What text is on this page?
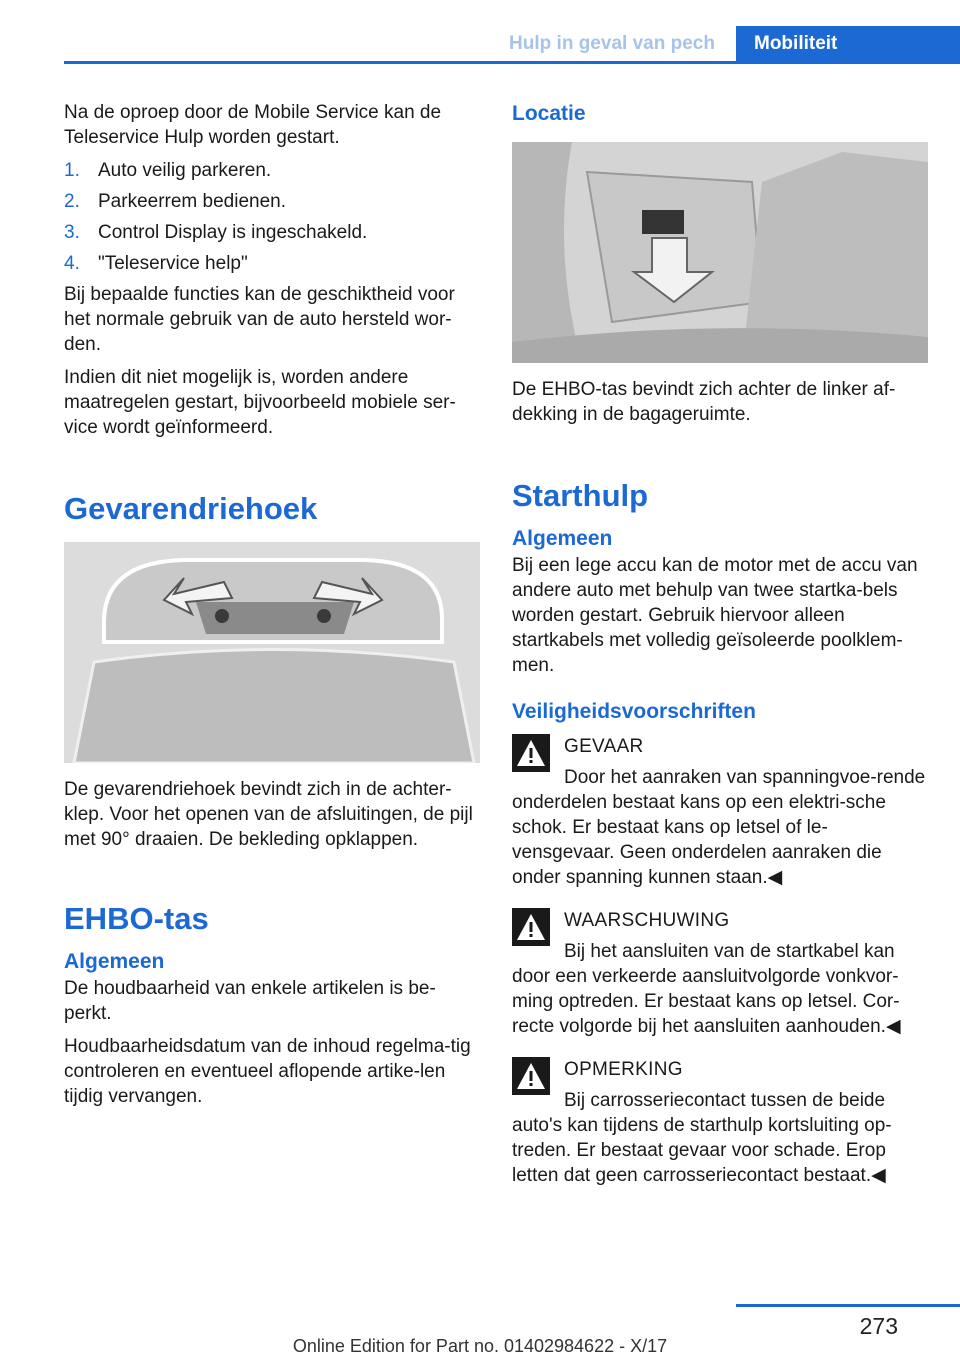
Hulp in geval van pech	Mobiliteit

Na de oproep door de Mobile Service kan de Teleservice Hulp worden gestart.

1. Auto veilig parkeren.
2. Parkeerrem bedienen.
3. Control Display is ingeschakeld.
4. "Teleservice help"

Bij bepaalde functies kan de geschiktheid voor het normale gebruik van de auto hersteld wor‐den.

Indien dit niet mogelijk is, worden andere maatregelen gestart, bijvoorbeeld mobiele ser‐vice wordt geïnformeerd.

Gevarendriehoek

De gevarendriehoek bevindt zich in de achter‐klep. Voor het openen van de afsluitingen, de pijl met 90° draaien. De bekleding opklappen.

EHBO-tas
Algemeen

De houdbaarheid van enkele artikelen is be‐perkt.

Houdbaarheidsdatum van de inhoud regelma‐tig controleren en eventueel aflopende artike‐len tijdig vervangen.

Locatie

De EHBO-tas bevindt zich achter de linker af‐dekking in de bagageruimte.

Starthulp
Algemeen

Bij een lege accu kan de motor met de accu van andere auto met behulp van twee startka‐bels worden gestart. Gebruik hiervoor alleen startkabels met volledig geïsoleerde poolklem‐men.

Veiligheidsvoorschriften
GEVAAR

Door het aanraken van spanningvoe‐rende onderdelen bestaat kans op een elektri‐sche schok. Er bestaat kans op letsel of le‐vensgevaar. Geen onderdelen aanraken die onder spanning kunnen staan.◀

WAARSCHUWING

Bij het aansluiten van de startkabel kan door een verkeerde aansluitvolgorde vonkvor‐ming optreden. Er bestaat kans op letsel. Cor‐recte volgorde bij het aansluiten aanhouden.◀

OPMERKING

Bij carrosseriecontact tussen de beide auto's kan tijdens de starthulp kortsluiting op‐treden. Er bestaat gevaar voor schade. Erop letten dat geen carrosseriecontact bestaat.◀

273
Online Edition for Part no. 01402984622 - X/17
